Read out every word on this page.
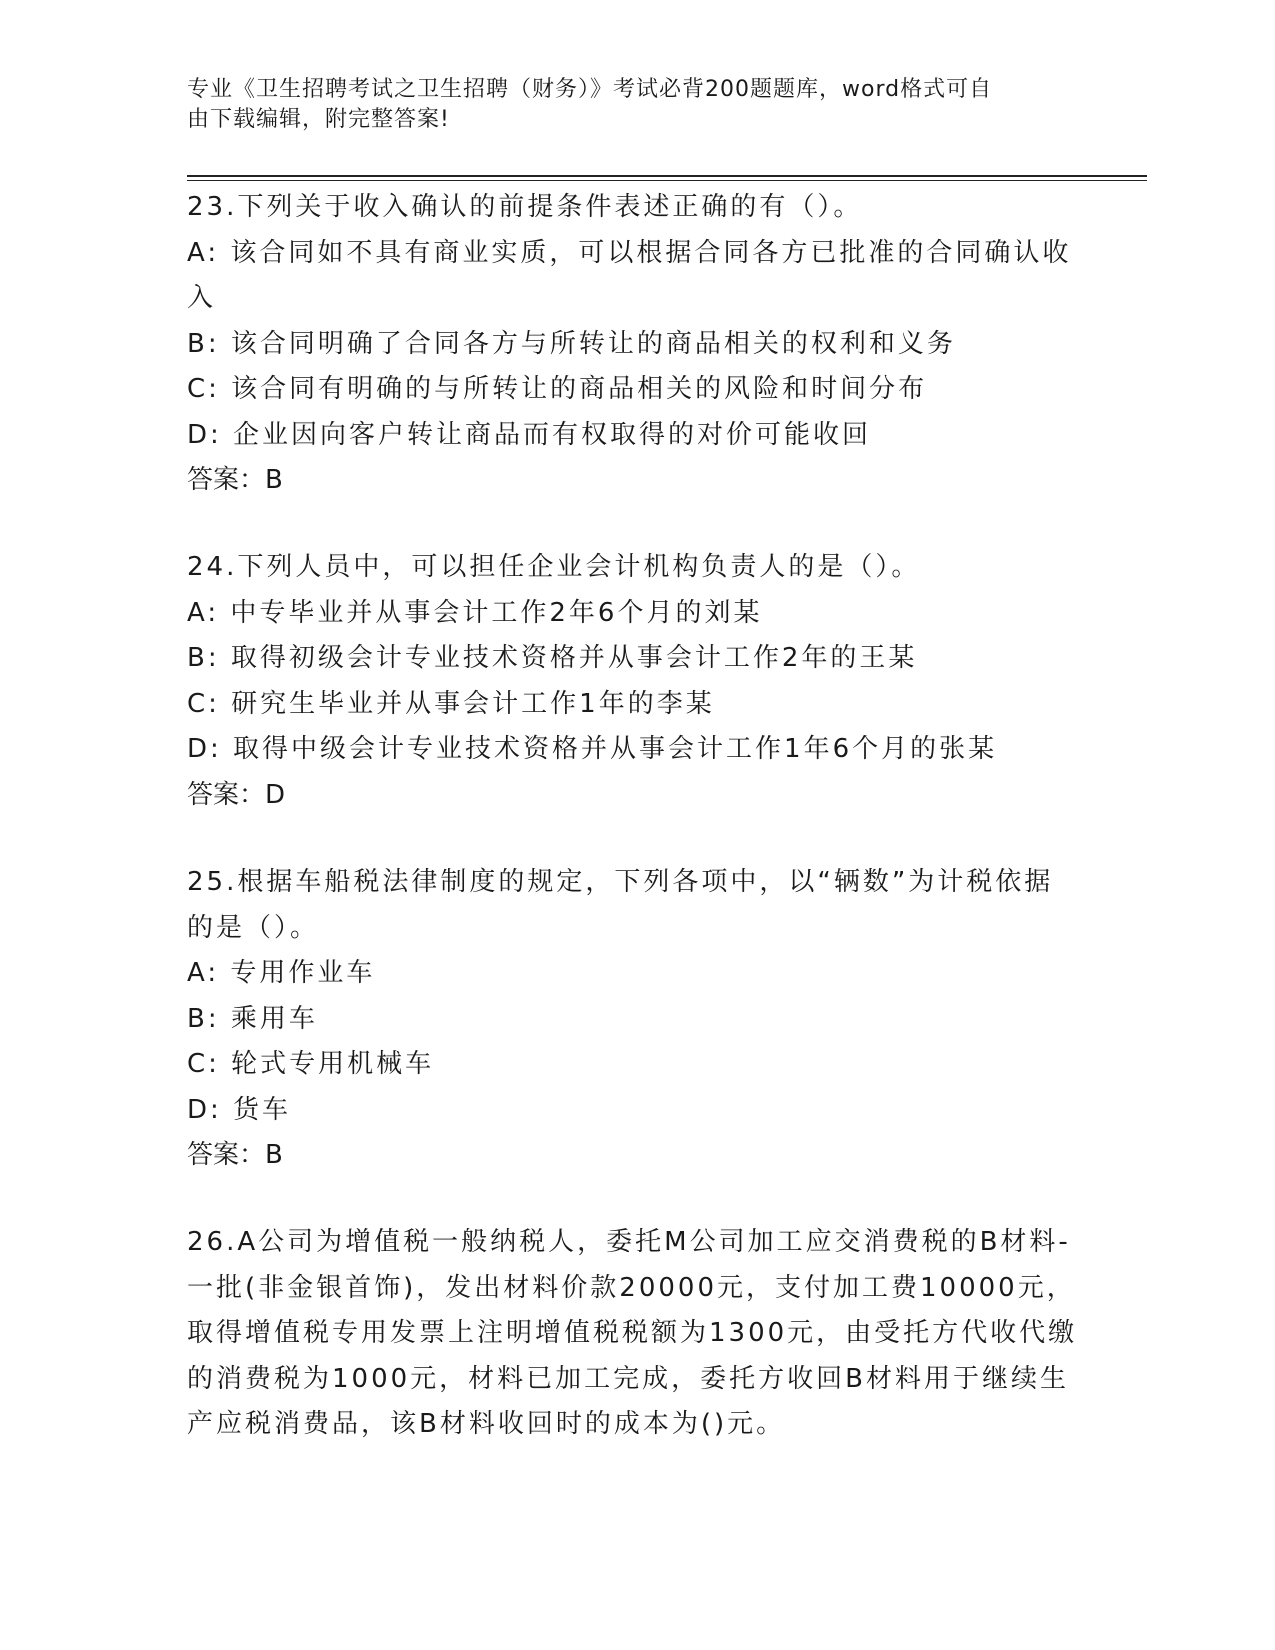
专业《卫生招聘考试之卫生招聘（财务）》考试必背200题题库，word格式可自
由下载编辑，附完整答案!
23.下列关于收入确认的前提条件表述正确的有（）。
A: 该合同如不具有商业实质，可以根据合同各方已批准的合同确认收
入
B: 该合同明确了合同各方与所转让的商品相关的权利和义务
C: 该合同有明确的与所转让的商品相关的风险和时间分布
D: 企业因向客户转让商品而有权取得的对价可能收回
答案：B
24.下列人员中，可以担任企业会计机构负责人的是（）。
A: 中专毕业并从事会计工作2年6个月的刘某
B: 取得初级会计专业技术资格并从事会计工作2年的王某
C: 研究生毕业并从事会计工作1年的李某
D: 取得中级会计专业技术资格并从事会计工作1年6个月的张某
答案：D
25.根据车船税法律制度的规定，下列各项中，以“辆数”为计税依据
的是（）。
A: 专用作业车
B: 乘用车
C: 轮式专用机械车
D: 货车
答案：B
26.A公司为增值税一般纳税人，委托M公司加工应交消费税的B材料-
一批(非金银首饰)，发出材料价款20000元，支付加工费10000元，
取得增值税专用发票上注明增值税税额为1300元，由受托方代收代缴
的消费税为1000元，材料已加工完成，委托方收回B材料用于继续生
产应税消费品，该B材料收回时的成本为()元。
